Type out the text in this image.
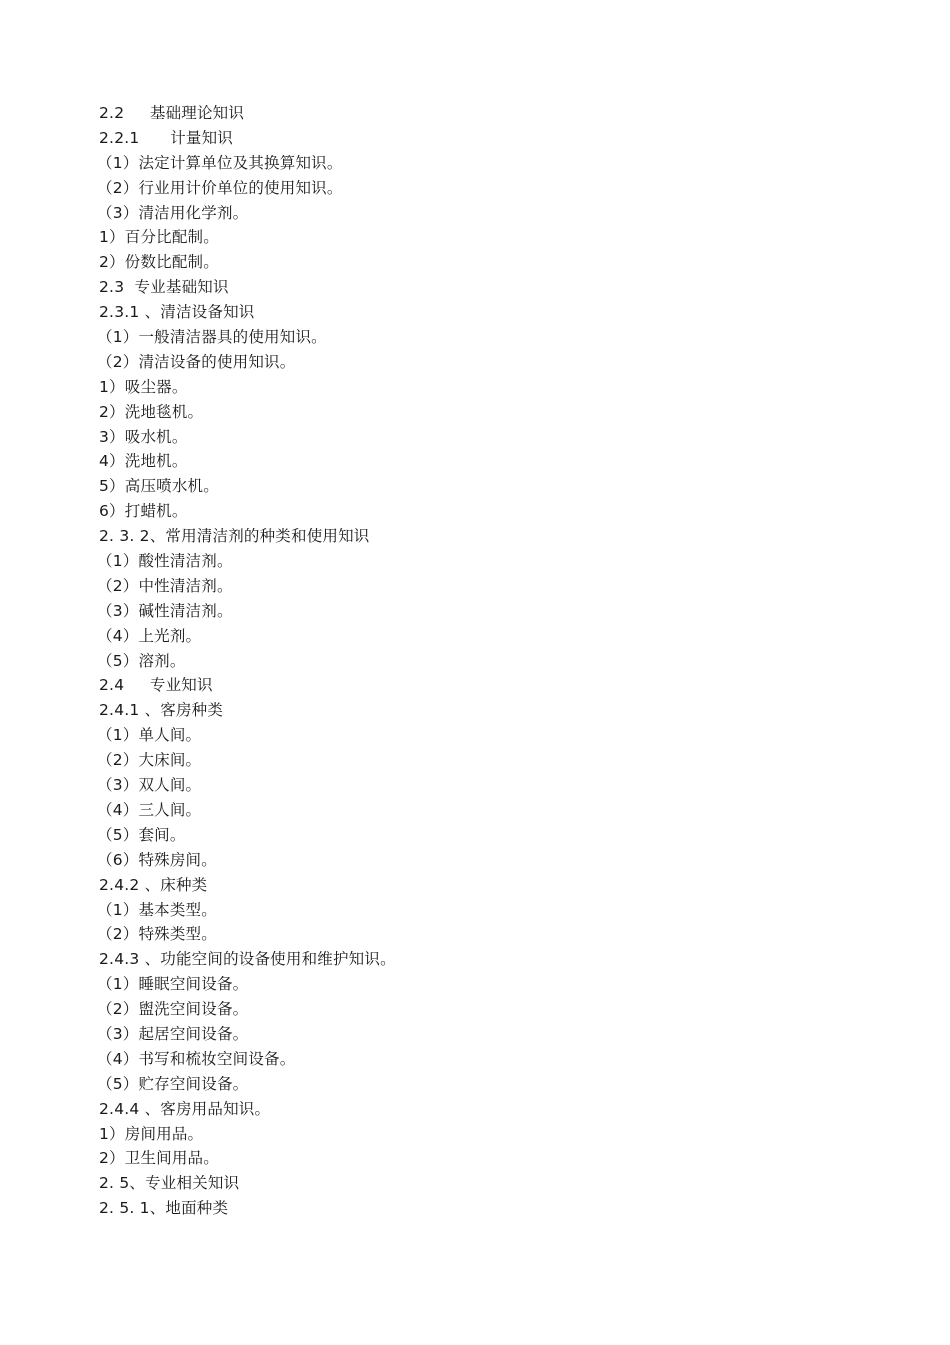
2.2     基础理论知识
2.2.1      计量知识
（1）法定计算单位及其换算知识。
（2）行业用计价单位的使用知识。
（3）清洁用化学剂。
1）百分比配制。
2）份数比配制。
2.3  专业基础知识
2.3.1 、清洁设备知识
（1）一般清洁器具的使用知识。
（2）清洁设备的使用知识。
1）吸尘器。
2）洗地毯机。
3）吸水机。
4）洗地机。
5）高压喷水机。
6）打蜡机。
2. 3. 2、常用清洁剂的种类和使用知识
（1）酸性清洁剂。
（2）中性清洁剂。
（3）碱性清洁剂。
（4）上光剂。
（5）溶剂。
2.4     专业知识
2.4.1 、客房种类
（1）单人间。
（2）大床间。
（3）双人间。
（4）三人间。
（5）套间。
（6）特殊房间。
2.4.2 、床种类
（1）基本类型。
（2）特殊类型。
2.4.3 、功能空间的设备使用和维护知识。
（1）睡眠空间设备。
（2）盥洗空间设备。
（3）起居空间设备。
（4）书写和梳妆空间设备。
（5）贮存空间设备。
2.4.4 、客房用品知识。
1）房间用品。
2）卫生间用品。
2. 5、专业相关知识
2. 5. 1、地面种类
